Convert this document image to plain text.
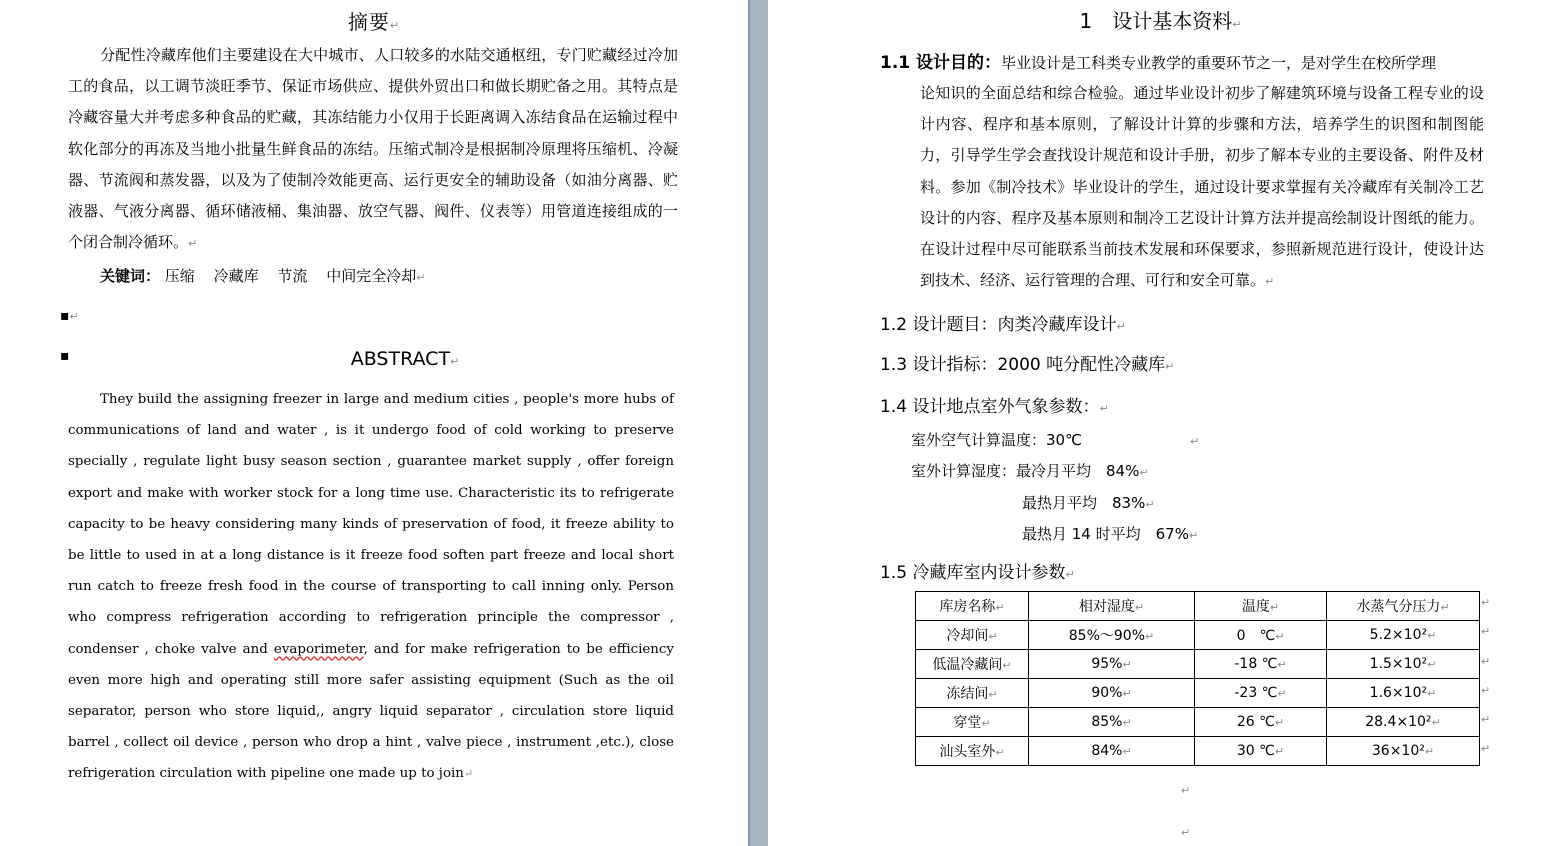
摘要↵
分配性冷藏库他们主要建设在大中城市、人口较多的水陆交通枢纽，专门贮藏经过冷加工的食品，以工调节淡旺季节、保证市场供应、提供外贸出口和做长期贮备之用。其特点是冷藏容量大并考虑多种食品的贮藏，其冻结能力小仅用于长距离调入冻结食品在运输过程中软化部分的再冻及当地小批量生鲜食品的冻结。压缩式制冷是根据制冷原理将压缩机、冷凝器、节流阀和蒸发器，以及为了使制冷效能更高、运行更安全的辅助设备（如油分离器、贮液器、气液分离器、循环储液桶、集油器、放空气器、阀件、仪表等）用管道连接组成的一个闭合制冷循环。↵
关键词： 压缩 冷藏库 节流 中间完全冷却↵
▪↵
▪	ABSTRACT↵
They build the assigning freezer in large and medium cities , people's more hubs of communications of land and water , is it undergo food of cold working to preserve specially , regulate light busy season section , guarantee market supply , offer foreign export and make with worker stock for a long time use. Characteristic its to refrigerate capacity to be heavy considering many kinds of preservation of food, it freeze ability to be little to used in at a long distance is it freeze food soften part freeze and local short run catch to freeze fresh food in the course of transporting to call inning only. Person who compress refrigeration according to refrigeration principle the compressor , condenser , choke valve and evaporimeter, and for make refrigeration to be efficiency even more high and operating still more safer assisting equipment (Such as the oil separator, person who store liquid,, angry liquid separator , circulation store liquid barrel , collect oil device , person who drop a hint , valve piece , instrument ,etc.), close refrigeration circulation with pipeline one made up to join↵
1　设计基本资料↵
1.1 设计目的：毕业设计是工科类专业教学的重要环节之一，是对学生在校所学理
论知识的全面总结和综合检验。通过毕业设计初步了解建筑环境与设备工程专业的设计内容、程序和基本原则，了解设计计算的步骤和方法，培养学生的识图和制图能力，引导学生学会查找设计规范和设计手册，初步了解本专业的主要设备、附件及材料。参加《制冷技术》毕业设计的学生，通过设计要求掌握有关冷藏库有关制冷工艺设计的内容、程序及基本原则和制冷工艺设计计算方法并提高绘制设计图纸的能力。在设计过程中尽可能联系当前技术发展和环保要求，参照新规范进行设计，使设计达到技术、经济、运行管理的合理、可行和安全可靠。↵
1.2 设计题目：肉类冷藏库设计↵
1.3 设计指标：2000 吨分配性冷藏库↵
1.4 设计地点室外气象参数：↵
室外空气计算温度：30℃	↵
室外计算湿度：最冷月平均　84%↵
最热月平均　83%↵
最热月 14 时平均　67%↵
1.5 冷藏库室内设计参数↵
库房名称↵	相对湿度↵	温度↵	水蒸气分压力↵
冷却间↵	85%～90%↵	0　℃↵	5.2×10²↵
低温冷藏间↵	95%↵	-18 ℃↵	1.5×10²↵
冻结间↵	90%↵	-23 ℃↵	1.6×10²↵
穿堂↵	85%↵	26 ℃↵	28.4×10²↵
汕头室外↵	84%↵	30 ℃↵	36×10²↵
↵
↵
↵
↵
↵
↵
↵
↵
